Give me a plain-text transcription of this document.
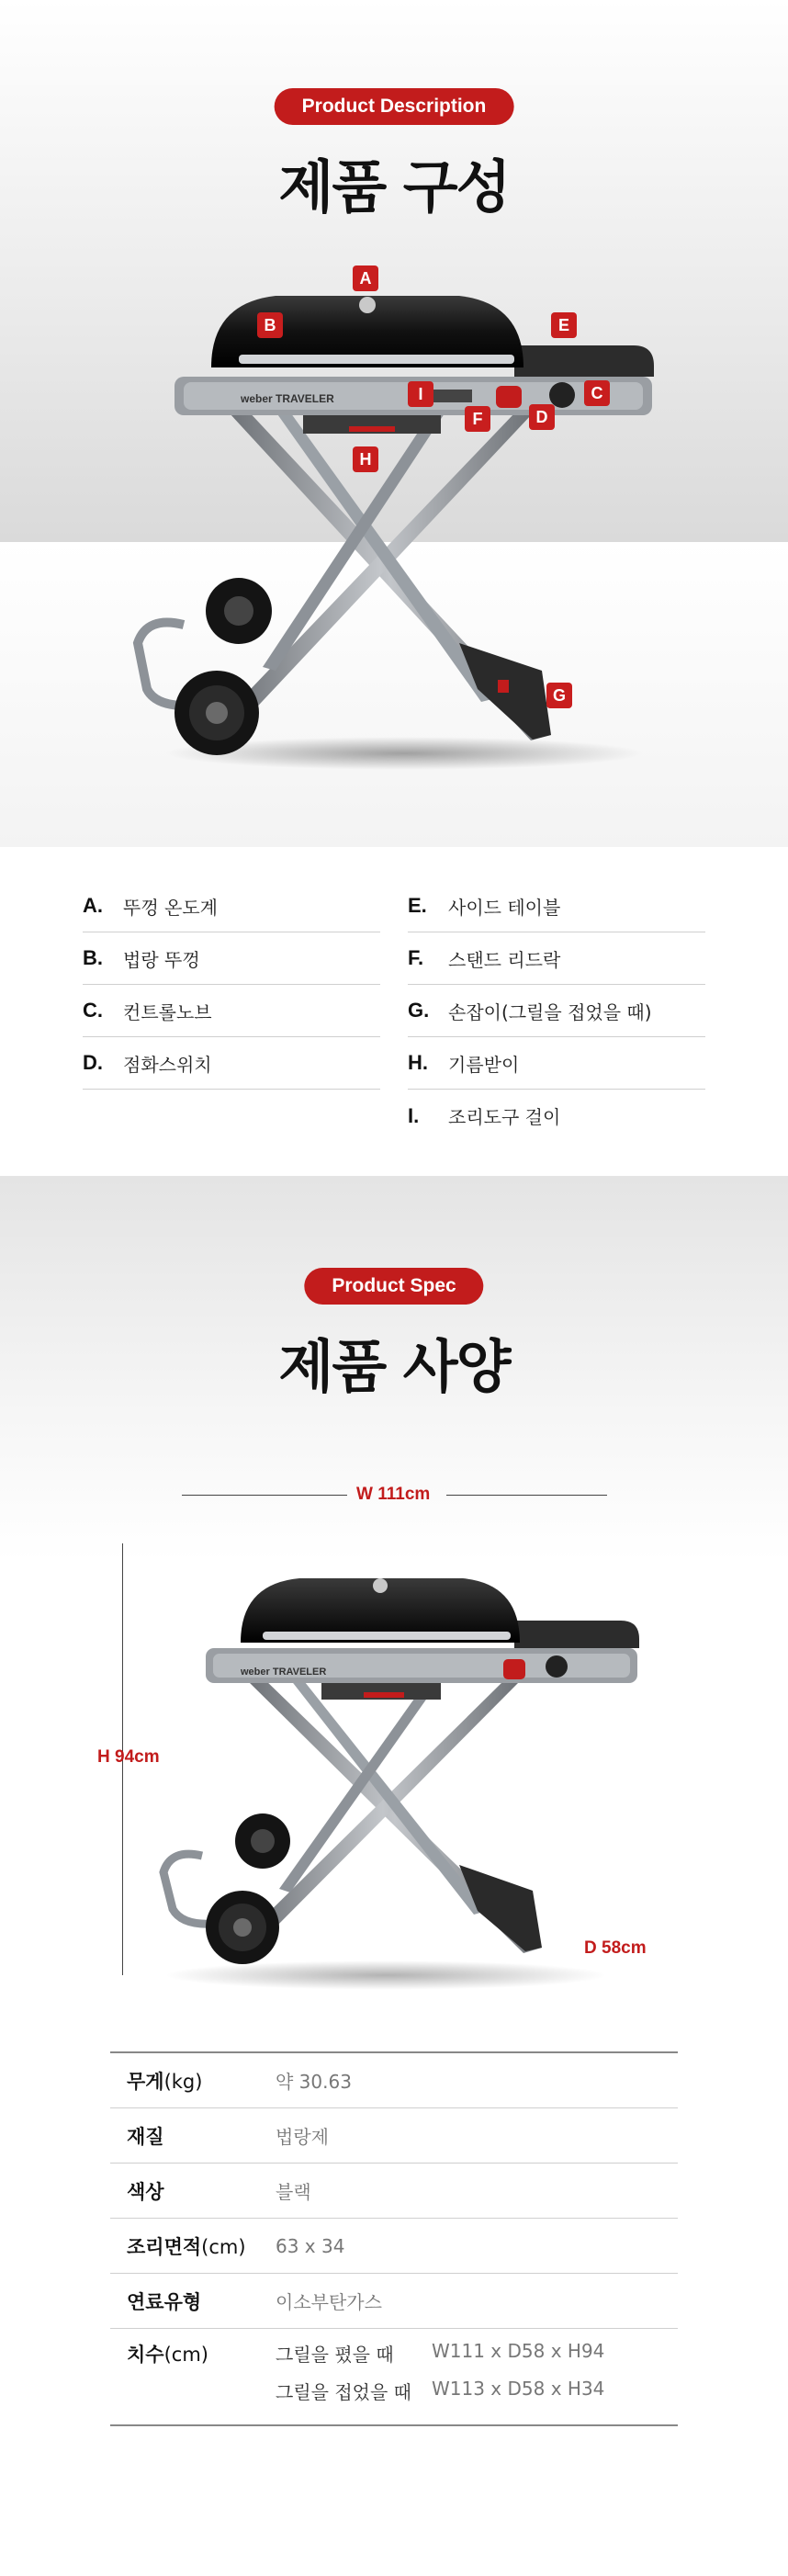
Product Description
제품 구성
weber TRAVELER
A
B
C
D
E
F
G
H
I
A.	뚜껑 온도계
B.	법랑 뚜껑
C.	컨트롤노브
D.	점화스위치
E.	사이드 테이블
F.	스탠드 리드락
G.	손잡이(그릴을 접었을 때)
H.	기름받이
I.	조리도구 걸이
Product Spec
제품 사양
W 111cm
H 94cm
D 58cm
weber TRAVELER
무게(kg)	약 30.63
재질	법랑제
색상	블랙
조리면적(cm)	63 x 34
연료유형	이소부탄가스
치수(cm)	그릴을 폈을 때	W111 x D58 x H94
그릴을 접었을 때	W113 x D58 x H34
